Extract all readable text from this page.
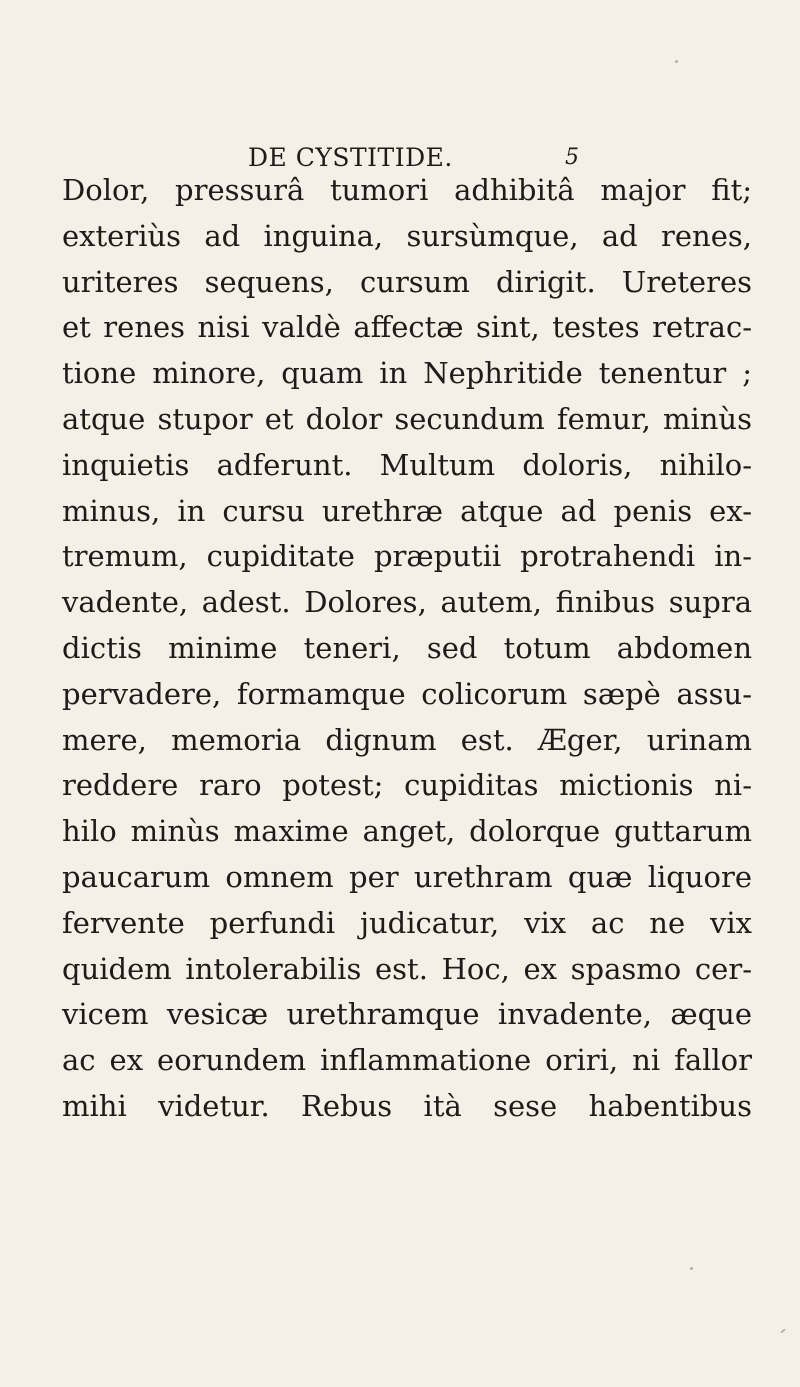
DE CYSTITIDE.	5
Dolor, pressurâ tumori adhibitâ major fit;
exteriùs ad inguina, sursùmque, ad renes,
uriteres sequens, cursum dirigit. Ureteres
et renes nisi valdè affectæ sint, testes retrac-
tione minore, quam in Nephritide tenentur ;
atque stupor et dolor secundum femur, minùs
inquietis adferunt. Multum doloris, nihilo-
minus, in cursu urethræ atque ad penis ex-
tremum, cupiditate præputii protrahendi in-
vadente, adest. Dolores, autem, finibus supra
dictis minime teneri, sed totum abdomen
pervadere, formamque colicorum sæpè assu-
mere, memoria dignum est. Æger, urinam
reddere raro potest; cupiditas mictionis ni-
hilo minùs maxime anget, dolorque guttarum
paucarum omnem per urethram quæ liquore
fervente perfundi judicatur, vix ac ne vix
quidem intolerabilis est. Hoc, ex spasmo cer-
vicem vesicæ urethramque invadente, æque
ac ex eorundem inflammatione oriri, ni fallor
mihi videtur. Rebus ità sese habentibus
